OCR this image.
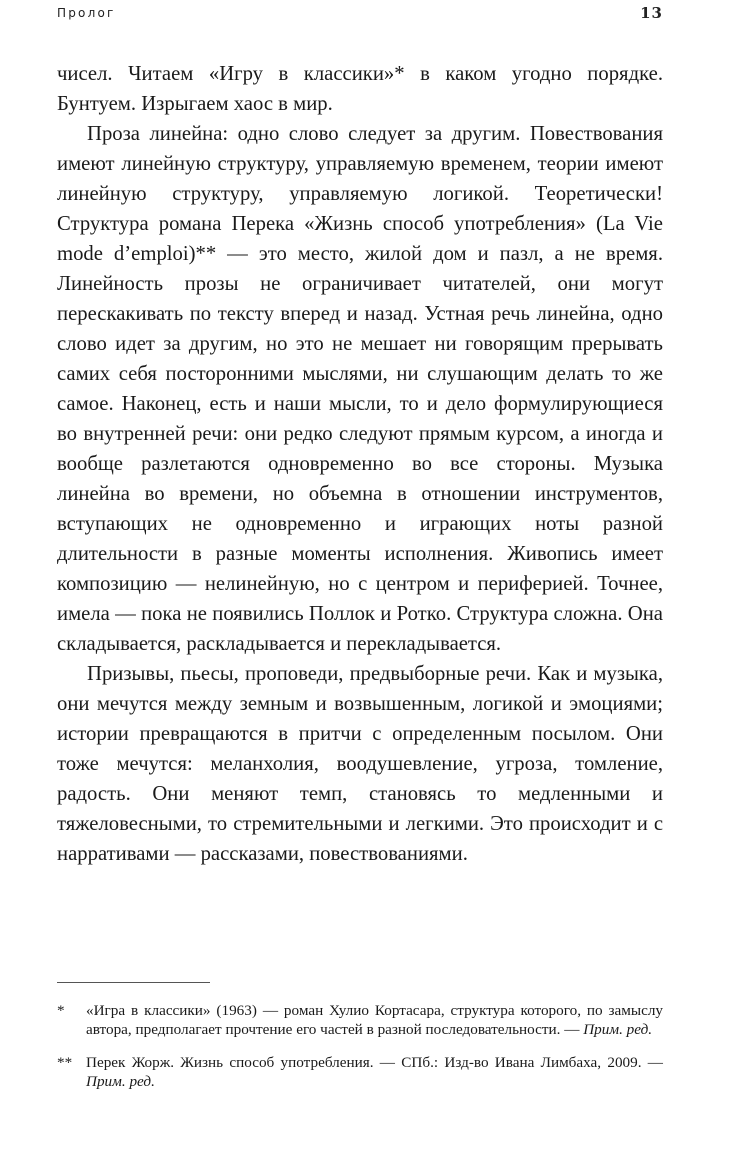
Пролог	13

чисел. Читаем «Игру в классики»* в каком угодно порядке. Бунтуем. Изрыгаем хаос в мир.

Проза линейна: одно слово следует за другим. Повествования имеют линейную структуру, управляемую временем, теории имеют линейную структуру, управляемую логикой. Теоретически! Структура романа Перека «Жизнь способ употребления» (La Vie mode d’emploi)** — это место, жилой дом и пазл, а не время. Линейность прозы не ограничивает читателей, они могут перескакивать по тексту вперед и назад. Устная речь линейна, одно слово идет за другим, но это не мешает ни говорящим прерывать самих себя посторонними мыслями, ни слушающим делать то же самое. Наконец, есть и наши мысли, то и дело формулирующиеся во внутренней речи: они редко следуют прямым курсом, а иногда и вообще разлетаются одновременно во все стороны. Музыка линейна во времени, но объемна в отношении инструментов, вступающих не одновременно и играющих ноты разной длительности в разные моменты исполнения. Живопись имеет композицию — нелинейную, но с центром и периферией. Точнее, имела — пока не появились Поллок и Ротко. Структура сложна. Она складывается, раскладывается и перекладывается.

Призывы, пьесы, проповеди, предвыборные речи. Как и музыка, они мечутся между земным и возвышенным, логикой и эмоциями; истории превращаются в притчи с определенным посылом. Они тоже мечутся: меланхолия, воодушевление, угроза, томление, радость. Они меняют темп, становясь то медленными и тяжеловесными, то стремительными и легкими. Это происходит и с нарративами — рассказами, повествованиями.

*	«Игра в классики» (1963) — роман Хулио Кортасара, структура которого, по замыслу автора, предполагает прочтение его частей в разной последовательности. — Прим. ред.
** Перек Жорж. Жизнь способ употребления. — СПб.: Изд-во Ивана Лимбаха, 2009. — Прим. ред.
